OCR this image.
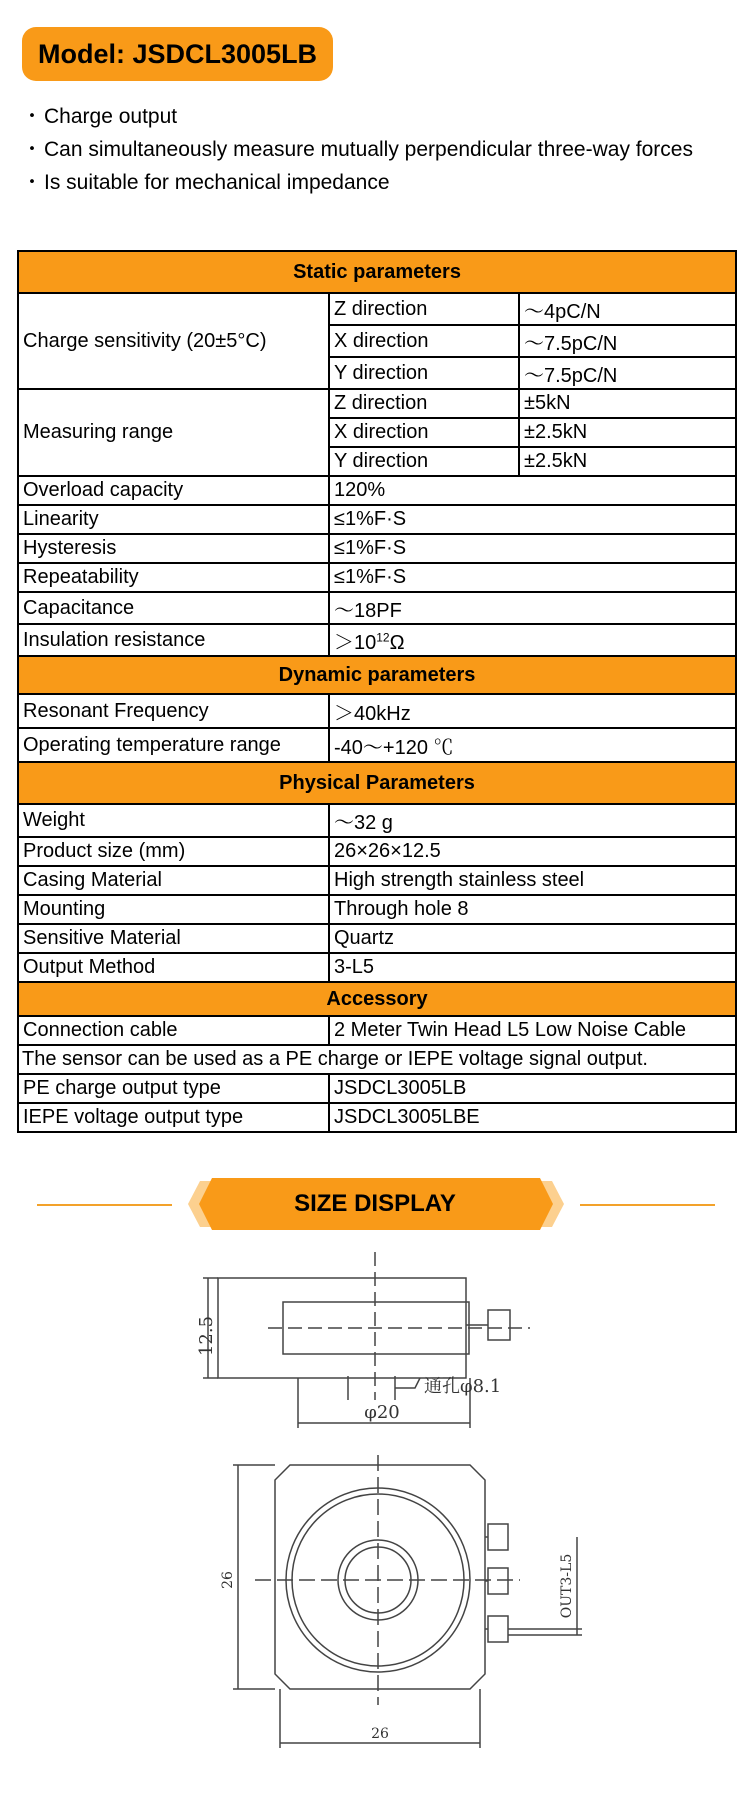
Model: JSDCL3005LB

・Charge output

・Can simultaneously measure mutually perpendicular three-way forces

・Is suitable for mechanical impedance

Static parameters		
Charge sensitivity (20±5°C)	Z direction	～4pC/N
	X direction	～7.5pC/N
	Y direction	～7.5pC/N
Measuring range	Z direction	±5kN
	X direction	±2.5kN
	Y direction	±2.5kN
Overload capacity	120%	
Linearity	≤1%F·S	
Hysteresis	≤1%F·S	
Repeatability	≤1%F·S	
Capacitance	～18PF	
Insulation resistance	$>10^{12}\Omega$	
Dynamic parameters		
Resonant Frequency	＞40kHz	
Operating temperature range	-40～+120 ℃	
Physical Parameters		
Weight	～32 g	
Product size (mm)	26×26×12.5	
Casing Material	High strength stainless steel	
Mounting	Through hole 8	
Sensitive Material	Quartz	
Output Method	3-L5	
Accessory		
Connection cable	2 Meter Twin Head L5 Low Noise Cable	
The sensor can be used as a PE charge or IEPE voltage signal output.		
PE charge output type	JSDCL3005LB	
IEPE voltage output type	JSDCL3005LBE	
SIZE DISPLAY
12.5
通孔φ8.1
φ20
26
26
OUT3-L5
